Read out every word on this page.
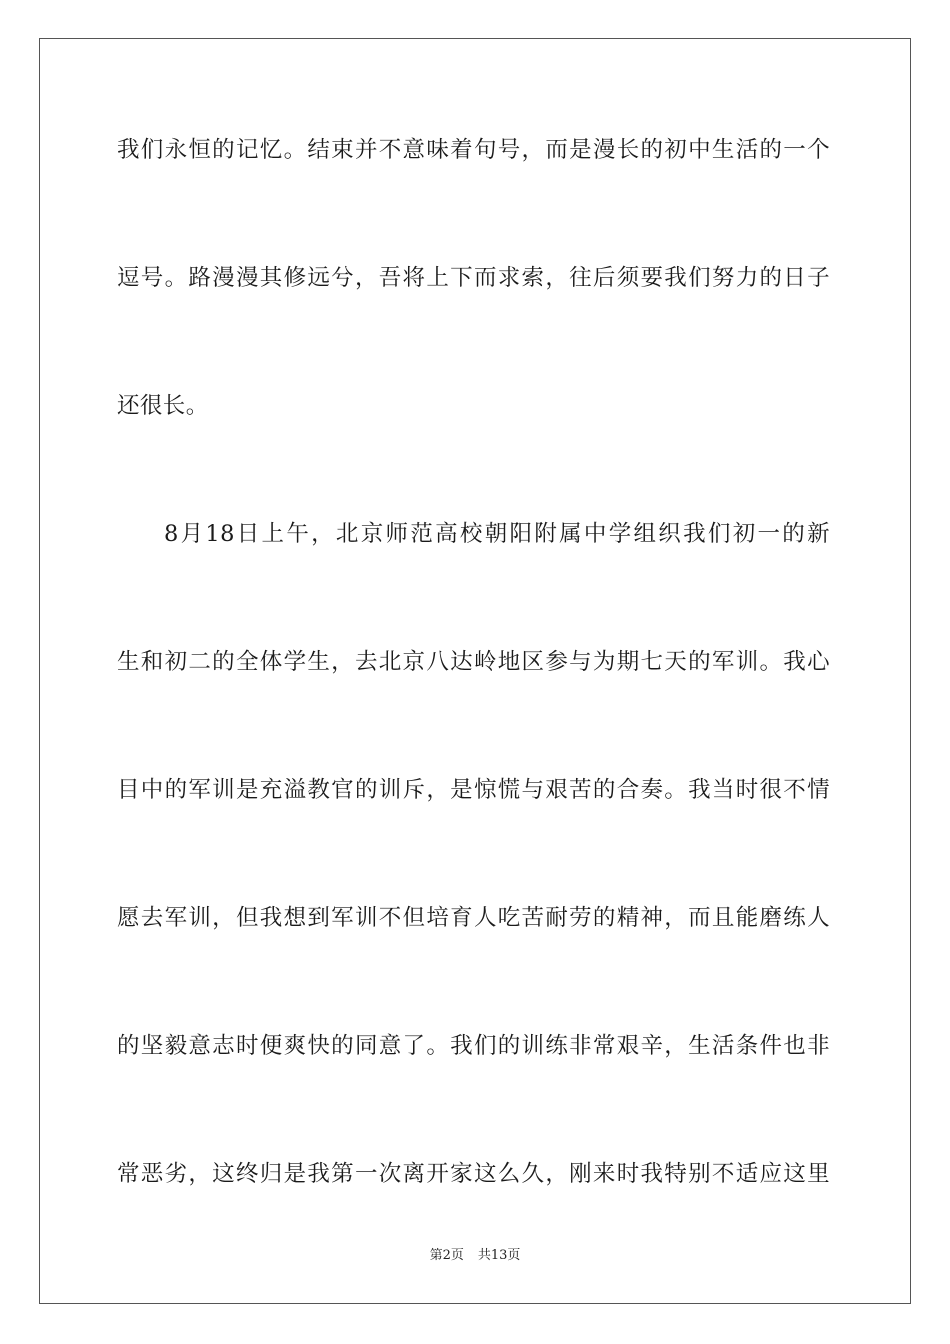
我们永恒的记忆。结束并不意味着句号，而是漫长的初中生活的一个
逗号。路漫漫其修远兮，吾将上下而求索，往后须要我们努力的日子
还很长。
8月18日上午，北京师范高校朝阳附属中学组织我们初一的新
生和初二的全体学生，去北京八达岭地区参与为期七天的军训。我心
目中的军训是充溢教官的训斥，是惊慌与艰苦的合奏。我当时很不情
愿去军训，但我想到军训不但培育人吃苦耐劳的精神，而且能磨练人
的坚毅意志时便爽快的同意了。我们的训练非常艰辛，生活条件也非
常恶劣，这终归是我第一次离开家这么久，刚来时我特别不适应这里
第2页 共13页
